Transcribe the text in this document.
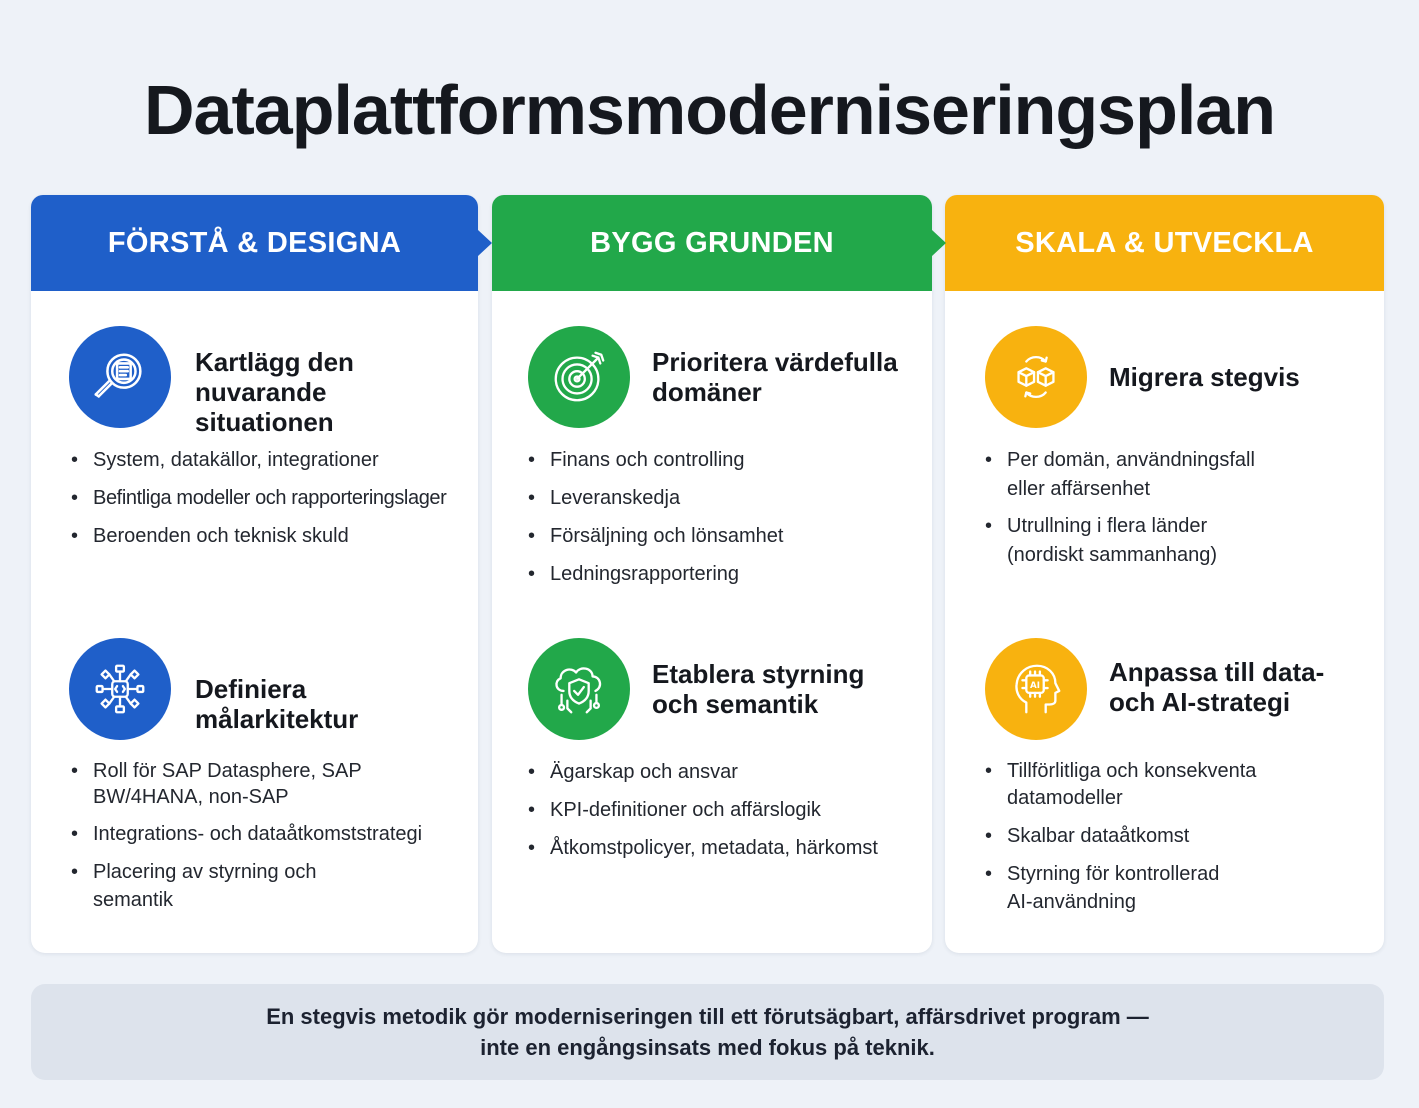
Dataplattformsmoderniseringsplan
FÖRSTÅ & DESIGNA
Kartlägg den
nuvarande situationen
• System, datakällor, integrationer
• Befintliga modeller och rapporteringslager
• Beroenden och teknisk skuld
Definiera målarkitektur
• Roll för SAP Datasphere, SAP
BW/4HANA, non-SAP
• Integrations- och dataåtkomststrategi
• Placering av styrning och
semantik
BYGG GRUNDEN
Prioritera värdefulla
domäner
• Finans och controlling
• Leveranskedja
• Försäljning och lönsamhet
• Ledningsrapportering
Etablera styrning
och semantik
• Ägarskap och ansvar
• KPI-definitioner och affärslogik
• Åtkomstpolicyer, metadata, härkomst
SKALA & UTVECKLA
Migrera stegvis
• Per domän, användningsfall
eller affärsenhet
• Utrullning i flera länder
(nordiskt sammanhang)
AI	Anpassa till data-
och AI-strategi
• Tillförlitliga och konsekventa
datamodeller
• Skalbar dataåtkomst
• Styrning för kontrollerad
AI-användning
En stegvis metodik gör moderniseringen till ett förutsägbart, affärsdrivet program —
inte en engångsinsats med fokus på teknik.
